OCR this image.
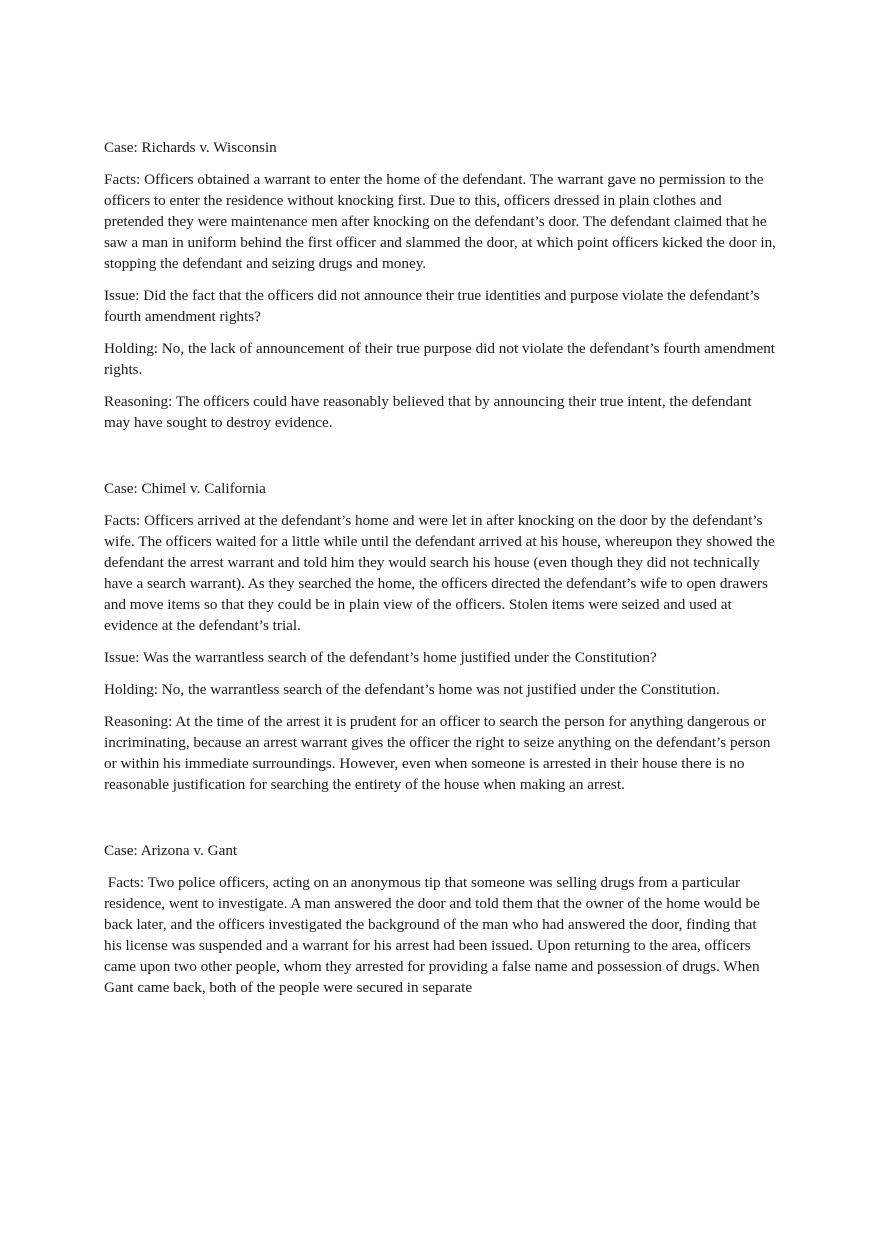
Case: Richards v. Wisconsin

Facts: Officers obtained a warrant to enter the home of the defendant. The warrant gave no permission to the officers to enter the residence without knocking first. Due to this, officers dressed in plain clothes and pretended they were maintenance men after knocking on the defendant’s door. The defendant claimed that he saw a man in uniform behind the first officer and slammed the door, at which point officers kicked the door in, stopping the defendant and seizing drugs and money.

Issue: Did the fact that the officers did not announce their true identities and purpose violate the defendant’s fourth amendment rights?

Holding: No, the lack of announcement of their true purpose did not violate the defendant’s fourth amendment rights.

Reasoning: The officers could have reasonably believed that by announcing their true intent, the defendant may have sought to destroy evidence.

Case: Chimel v. California

Facts: Officers arrived at the defendant’s home and were let in after knocking on the door by the defendant’s wife. The officers waited for a little while until the defendant arrived at his house, whereupon they showed the defendant the arrest warrant and told him they would search his house (even though they did not technically have a search warrant). As they searched the home, the officers directed the defendant’s wife to open drawers and move items so that they could be in plain view of the officers. Stolen items were seized and used at evidence at the defendant’s trial.

Issue: Was the warrantless search of the defendant’s home justified under the Constitution?

Holding: No, the warrantless search of the defendant’s home was not justified under the Constitution.

Reasoning: At the time of the arrest it is prudent for an officer to search the person for anything dangerous or incriminating, because an arrest warrant gives the officer the right to seize anything on the defendant’s person or within his immediate surroundings. However, even when someone is arrested in their house there is no reasonable justification for searching the entirety of the house when making an arrest.

Case: Arizona v. Gant

Facts: Two police officers, acting on an anonymous tip that someone was selling drugs from a particular residence, went to investigate. A man answered the door and told them that the owner of the home would be back later, and the officers investigated the background of the man who had answered the door, finding that his license was suspended and a warrant for his arrest had been issued. Upon returning to the area, officers came upon two other people, whom they arrested for providing a false name and possession of drugs. When Gant came back, both of the people were secured in separate
